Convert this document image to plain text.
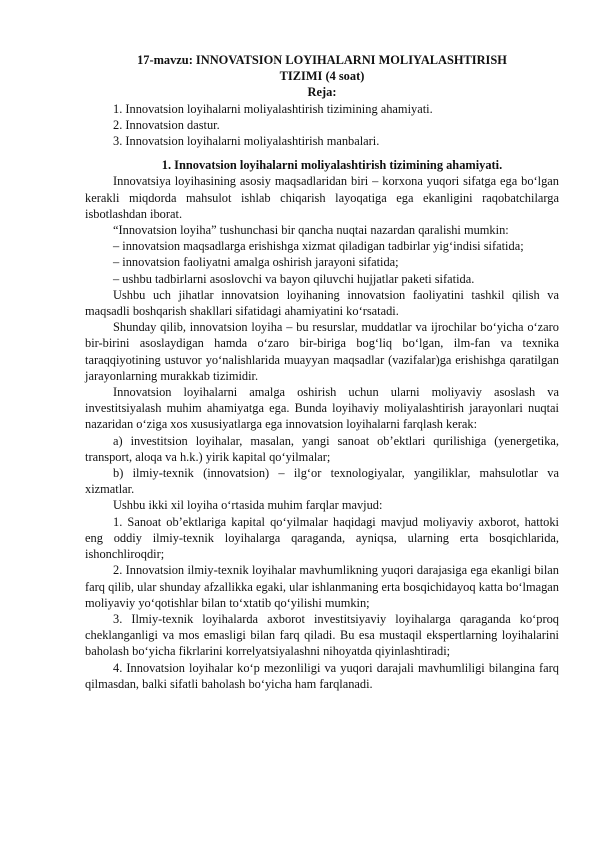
17-mavzu: INNOVATSION LOYIHALARNI MOLIYALASHTIRISH
TIZIMI (4 soat)
Reja:
1. Innovatsion loyihalarni moliyalashtirish tizimining ahamiyati.
2. Innovatsion dastur.
3. Innovatsion loyihalarni moliyalashtirish manbalari.
1. Innovatsion loyihalarni moliyalashtirish tizimining ahamiyati.
Innovatsiya loyihasining asosiy maqsadlaridan biri – korxona yuqori sifatga ega bo‘lgan kerakli miqdorda mahsulot ishlab chiqarish layoqatiga ega ekanligini raqobatchilarga isbotlashdan iborat.
“Innovatsion loyiha” tushunchasi bir qancha nuqtai nazardan qaralishi mumkin:
– innovatsion maqsadlarga erishishga xizmat qiladigan tadbirlar yig‘indisi sifatida;
– innovatsion faoliyatni amalga oshirish jarayoni sifatida;
– ushbu tadbirlarni asoslovchi va bayon qiluvchi hujjatlar paketi sifatida.
Ushbu uch jihatlar innovatsion loyihaning innovatsion faoliyatini tashkil qilish va maqsadli boshqarish shakllari sifatidagi ahamiyatini ko‘rsatadi.
Shunday qilib, innovatsion loyiha – bu resurslar, muddatlar va ijrochilar bo‘yicha o‘zaro bir-birini asoslaydigan hamda o‘zaro bir-biriga bog‘liq bo‘lgan, ilm-fan va texnika taraqqiyotining ustuvor yo‘nalishlarida muayyan maqsadlar (vazifalar)ga erishishga qaratilgan jarayonlarning murakkab tizimidir.
Innovatsion loyihalarni amalga oshirish uchun ularni moliyaviy asoslash va investitsiyalash muhim ahamiyatga ega. Bunda loyihaviy moliyalashtirish jarayonlari nuqtai nazaridan o‘ziga xos xususiyatlarga ega innovatsion loyihalarni farqlash kerak:
a) investitsion loyihalar, masalan, yangi sanoat ob’ektlari qurilishiga (yenergetika, transport, aloqa va h.k.) yirik kapital qo‘yilmalar;
b) ilmiy-texnik (innovatsion) – ilg‘or texnologiyalar, yangiliklar, mahsulotlar va xizmatlar.
Ushbu ikki xil loyiha o‘rtasida muhim farqlar mavjud:
1. Sanoat ob’ektlariga kapital qo‘yilmalar haqidagi mavjud moliyaviy axborot, hattoki eng oddiy ilmiy-texnik loyihalarga qaraganda, ayniqsa, ularning erta bosqichlarida, ishonchliroqdir;
2. Innovatsion ilmiy-texnik loyihalar mavhumlikning yuqori darajasiga ega ekanligi bilan farq qilib, ular shunday afzallikka egaki, ular ishlanmaning erta bosqichidayoq katta bo‘lmagan moliyaviy yo‘qotishlar bilan to‘xtatib qo‘yilishi mumkin;
3. Ilmiy-texnik loyihalarda axborot investitsiyaviy loyihalarga qaraganda ko‘proq cheklanganligi va mos emasligi bilan farq qiladi. Bu esa mustaqil ekspertlarning loyihalarini baholash bo‘yicha fikrlarini korrelyatsiyalashni nihoyatda qiyinlashtiradi;
4. Innovatsion loyihalar ko‘p mezonliligi va yuqori darajali mavhumliligi bilangina farq qilmasdan, balki sifatli baholash bo‘yicha ham farqlanadi.
